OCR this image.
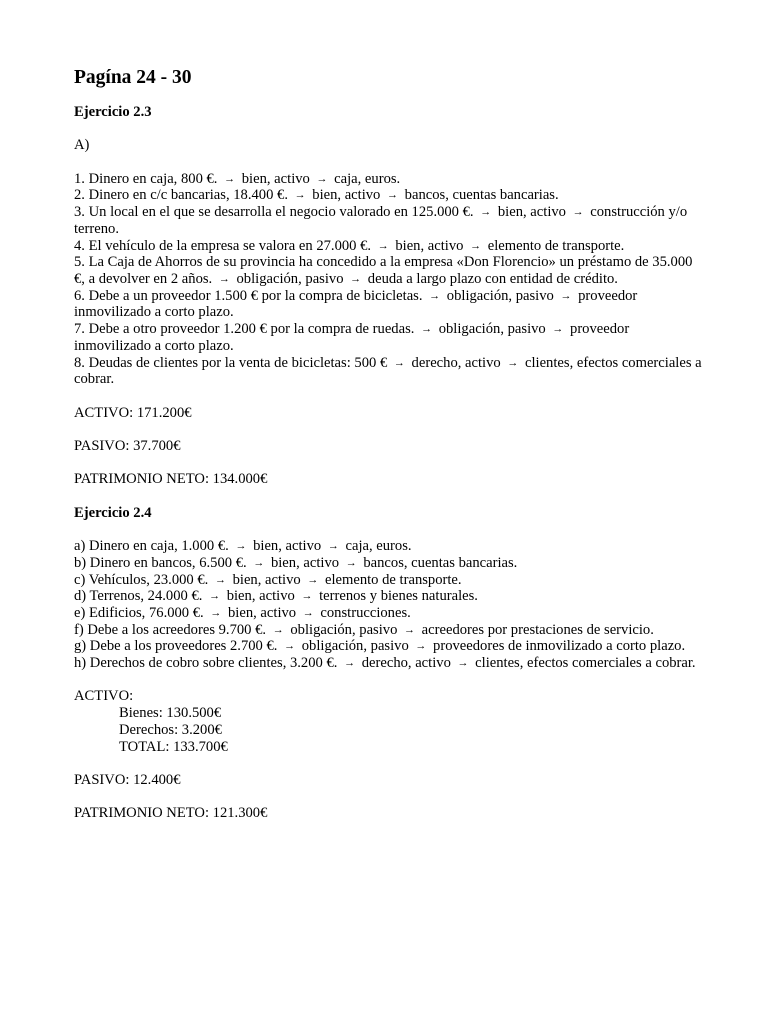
Pagína 24 - 30
Ejercicio 2.3
A)
1. Dinero en caja, 800 €. → bien, activo → caja, euros.
2. Dinero en c/c bancarias, 18.400 €. → bien, activo → bancos, cuentas bancarias.
3. Un local en el que se desarrolla el negocio valorado en 125.000 €. → bien, activo → construcción y/o terreno.
4. El vehículo de la empresa se valora en 27.000 €. → bien, activo → elemento de transporte.
5. La Caja de Ahorros de su provincia ha concedido a la empresa «Don Florencio» un préstamo de 35.000 €, a devolver en 2 años. → obligación, pasivo → deuda a largo plazo con entidad de crédito.
6. Debe a un proveedor 1.500 € por la compra de bicicletas. → obligación, pasivo → proveedor inmovilizado a corto plazo.
7. Debe a otro proveedor 1.200 € por la compra de ruedas. → obligación, pasivo → proveedor inmovilizado a corto plazo.
8. Deudas de clientes por la venta de bicicletas: 500 € → derecho, activo → clientes, efectos comerciales a cobrar.
ACTIVO: 171.200€
PASIVO: 37.700€
PATRIMONIO NETO: 134.000€
Ejercicio 2.4
a) Dinero en caja, 1.000 €. → bien, activo → caja, euros.
b) Dinero en bancos, 6.500 €. → bien, activo → bancos, cuentas bancarias.
c) Vehículos, 23.000 €. → bien, activo → elemento de transporte.
d) Terrenos, 24.000 €. → bien, activo → terrenos y bienes naturales.
e) Edificios, 76.000 €. → bien, activo → construcciones.
f) Debe a los acreedores 9.700 €. → obligación, pasivo → acreedores por prestaciones de servicio.
g) Debe a los proveedores 2.700 €. → obligación, pasivo → proveedores de inmovilizado a corto plazo.
h) Derechos de cobro sobre clientes, 3.200 €. → derecho, activo → clientes, efectos comerciales a cobrar.
ACTIVO:
Bienes: 130.500€
Derechos: 3.200€
TOTAL: 133.700€
PASIVO: 12.400€
PATRIMONIO NETO: 121.300€
